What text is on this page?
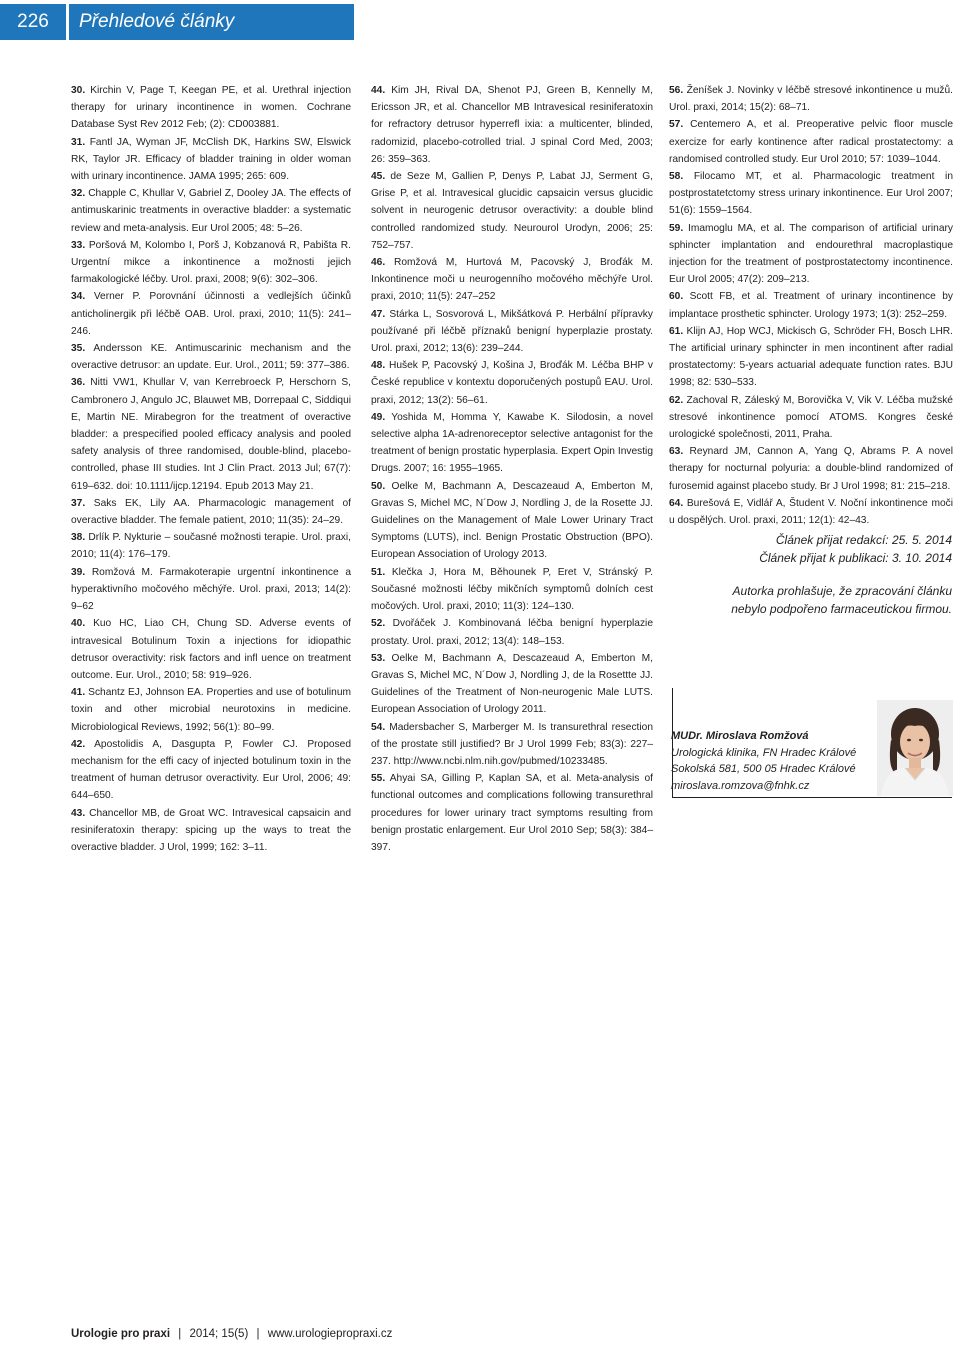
226	Přehledové články

30. Kirchin V, Page T, Keegan PE, et al. Urethral injection therapy for urinary incontinence in women. Cochrane Database Syst Rev 2012 Feb; (2): CD003881.

31. Fantl JA, Wyman JF, McClish DK, Harkins SW, Elswick RK, Taylor JR. Efficacy of bladder training in older woman with urinary incontinence. JAMA 1995; 265: 609.

32. Chapple C, Khullar V, Gabriel Z, Dooley JA. The effects of antimuskarinic treatments in overactive bladder: a systematic review and meta-analysis. Eur Urol 2005; 48: 5–26.

33. Poršová M, Kolombo I, Porš J, Kobzanová R, Pabišta R. Urgentní mikce a inkontinence a možnosti jejich farmakologické léčby. Urol. praxi, 2008; 9(6): 302–306.

34. Verner P. Porovnání účinnosti a vedlejších účinků anticholinergik při léčbě OAB. Urol. praxi, 2010; 11(5): 241–246.

35. Andersson KE. Antimuscarinic mechanism and the overactive detrusor: an update. Eur. Urol., 2011; 59: 377–386.

36. Nitti VW1, Khullar V, van Kerrebroeck P, Herschorn S, Cambronero J, Angulo JC, Blauwet MB, Dorrepaal C, Siddiqui E, Martin NE. Mirabegron for the treatment of overactive bladder: a prespecified pooled efficacy analysis and pooled safety analysis of three randomised, double-blind, placebo-controlled, phase III studies. Int J Clin Pract. 2013 Jul; 67(7): 619–632. doi: 10.1111/ijcp.12194. Epub 2013 May 21.

37. Saks EK, Lily AA. Pharmacologic management of overactive bladder. The female patient, 2010; 11(35): 24–29.

38. Drlík P. Nykturie – současné možnosti terapie. Urol. praxi, 2010; 11(4): 176–179.

39. Romžová M. Farmakoterapie urgentní inkontinence a hyperaktivního močového měchýře. Urol. praxi, 2013; 14(2): 9–62

40. Kuo HC, Liao CH, Chung SD. Adverse events of intravesical Botulinum Toxin a injections for idiopathic detrusor overactivity: risk factors and infl uence on treatment outcome. Eur. Urol., 2010; 58: 919–926.

41. Schantz EJ, Johnson EA. Properties and use of botulinum toxin and other microbial neurotoxins in medicine. Microbiological Reviews, 1992; 56(1): 80–99.

42. Apostolidis A, Dasgupta P, Fowler CJ. Proposed mechanism for the effi cacy of injected botulinum toxin in the treatment of human detrusor overactivity. Eur Urol, 2006; 49: 644–650.

43. Chancellor MB, de Groat WC. Intravesical capsaicin and resiniferatoxin therapy: spicing up the ways to treat the overactive bladder. J Urol, 1999; 162: 3–11.

44. Kim JH, Rival DA, Shenot PJ, Green B, Kennelly M, Ericsson JR, et al. Chancellor MB Intravesical resiniferatoxin for refractory detrusor hyperrefl ixia: a multicenter, blinded, radomizid, placebo-cotrolled trial. J spinal Cord Med, 2003; 26: 359–363.

45. de Seze M, Gallien P, Denys P, Labat JJ, Serment G, Grise P, et al. Intravesical glucidic capsaicin versus glucidic solvent in neurogenic detrusor overactivity: a double blind controlled randomized study. Neurourol Urodyn, 2006; 25: 752–757.

46. Romžová M, Hurtová M, Pacovský J, Broďák M. Inkontinence moči u neurogenního močového měchýře Urol. praxi, 2010; 11(5): 247–252

47. Stárka L, Sosvorová L, Mikšátková P. Herbální přípravky používané při léčbě příznaků benigní hyperplazie prostaty. Urol. praxi, 2012; 13(6): 239–244.

48. Hušek P, Pacovský J, Košina J, Broďák M. Léčba BHP v České republice v kontextu doporučených postupů EAU. Urol. praxi, 2012; 13(2): 56–61.

49. Yoshida M, Homma Y, Kawabe K. Silodosin, a novel selective alpha 1A-adrenoreceptor selective antagonist for the treatment of benign prostatic hyperplasia. Expert Opin Investig Drugs. 2007; 16: 1955–1965.

50. Oelke M, Bachmann A, Descazeaud A, Emberton M, Gravas S, Michel MC, N´Dow J, Nordling J, de la Rosette JJ. Guidelines on the Management of Male Lower Urinary Tract Symptoms (LUTS), incl. Benign Prostatic Obstruction (BPO). European Association of Urology 2013.

51. Klečka J, Hora M, Běhounek P, Eret V, Stránský P. Současné možnosti léčby mikčních symptomů dolních cest močových. Urol. praxi, 2010; 11(3): 124–130.

52. Dvořáček J. Kombinovaná léčba benigní hyperplazie prostaty. Urol. praxi, 2012; 13(4): 148–153.

53. Oelke M, Bachmann A, Descazeaud A, Emberton M, Gravas S, Michel MC, N´Dow J, Nordling J, de la Rosettte JJ. Guidelines of the Treatment of Non-neurogenic Male LUTS. European Association of Urology 2011.

54. Madersbacher S, Marberger M. Is transurethral resection of the prostate still justified? Br J Urol 1999 Feb; 83(3): 227–237. http://www.ncbi.nlm.nih.gov/pubmed/10233485.

55. Ahyai SA, Gilling P, Kaplan SA, et al. Meta-analysis of functional outcomes and complications following transurethral procedures for lower urinary tract symptoms resulting from benign prostatic enlargement. Eur Urol 2010 Sep; 58(3): 384–397.

56. Ženíšek J. Novinky v léčbě stresové inkontinence u mužů. Urol. praxi, 2014; 15(2): 68–71.

57. Centemero A, et al. Preoperative pelvic floor muscle exercize for early kontinence after radical prostatectomy: a randomised controlled study. Eur Urol 2010; 57: 1039–1044.

58. Filocamo MT, et al. Pharmacologic treatment in postprostatetctomy stress urinary inkontinence. Eur Urol 2007; 51(6): 1559–1564.

59. Imamoglu MA, et al. The comparison of artificial urinary sphincter implantation and endourethral macroplastique injection for the treatment of postprostatectomy incontinence. Eur Urol 2005; 47(2): 209–213.

60. Scott FB, et al. Treatment of urinary incontinence by implantace prosthetic sphincter. Urology 1973; 1(3): 252–259.

61. Klijn AJ, Hop WCJ, Mickisch G, Schröder FH, Bosch LHR. The artificial urinary sphincter in men incontinent after radial prostatectomy: 5-years actuarial adequate function rates. BJU 1998; 82: 530–533.

62. Zachoval R, Záleský M, Borovička V, Vik V. Léčba mužské stresové inkontinence pomocí ATOMS. Kongres české urologické společnosti, 2011, Praha.

63. Reynard JM, Cannon A, Yang Q, Abrams P. A novel therapy for nocturnal polyuria: a double-blind randomized of furosemid against placebo study. Br J Urol 1998; 81: 215–218.

64. Burešová E, Vidlář A, Študent V. Noční inkontinence moči u dospělých. Urol. praxi, 2011; 12(1): 42–43.

Článek přijat redakcí: 25. 5. 2014
Článek přijat k publikaci: 3. 10. 2014
Autorka prohlašuje, že zpracování článku nebylo podpořeno farmaceutickou firmou.
MUDr. Miroslava Romžová
Urologická klinika, FN Hradec Králové
Sokolská 581, 500 05 Hradec Králové
miroslava.romzova@fnhk.cz
Urologie pro praxi | 2014; 15(5) | www.urologiepropraxi.cz
